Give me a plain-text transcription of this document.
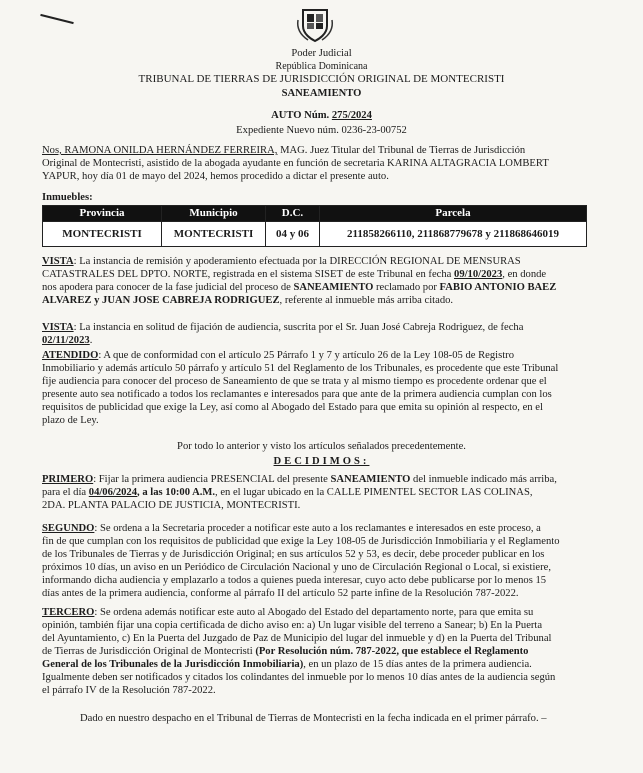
Poder Judicial
República Dominicana
TRIBUNAL DE TIERRAS DE JURISDICCIÓN ORIGINAL DE MONTECRISTI
SANEAMIENTO
AUTO Núm. 275/2024
Expediente Nuevo núm. 0236-23-00752
Nos, RAMONA ONILDA HERNÁNDEZ FERREIRA, MAG. Juez Titular del Tribunal de Tierras de Jurisdicción
Original de Montecristi, asistido de la abogada ayudante en función de secretaria KARINA ALTAGRACIA LOMBERT
YAPUR, hoy día 01 de mayo del 2024, hemos procedido a dictar el presente auto.
Inmuebles:
Provincia	Municipio	D.C.	Parcela
MONTECRISTI	MONTECRISTI	04 y 06	211858266110, 211868779678 y 211868646019
VISTA: La instancia de remisión y apoderamiento efectuada por la DIRECCIÓN REGIONAL DE MENSURAS
CATASTRALES DEL DPTO. NORTE, registrada en el sistema SISET de este Tribunal en fecha 09/10/2023, en donde
nos apodera para conocer de la fase judicial del proceso de SANEAMIENTO reclamado por FABIO ANTONIO BAEZ
ALVAREZ y JUAN JOSE CABREJA RODRIGUEZ, referente al inmueble más arriba citado.
VISTA: La instancia en solitud de fijación de audiencia, suscrita por el Sr. Juan José Cabreja Rodriguez, de fecha
02/11/2023.
ATENDIDO: A que de conformidad con el artículo 25 Párrafo 1 y 7 y artículo 26 de la Ley 108-05 de Registro
Inmobiliario y además artículo 50 párrafo y artículo 51 del Reglamento de los Tribunales, es procedente que este Tribunal
fije audiencia para conocer del proceso de Saneamiento de que se trata y al mismo tiempo es procedente ordenar que el
presente auto sea notificado a todos los reclamantes e interesados para que ante de la primera audiencia cumplan con los
requisitos de publicidad que exige la Ley, así como al Abogado del Estado para que emita su opinión al respecto, en el
plazo de Ley.
Por todo lo anterior y visto los artículos señalados precedentemente.
DECIDIMOS:
PRIMERO: Fijar la primera audiencia PRESENCIAL del presente SANEAMIENTO del inmueble indicado más arriba,
para el día 04/06/2024, a las 10:00 A.M., en el lugar ubicado en la CALLE PIMENTEL SECTOR LAS COLINAS,
2DA. PLANTA PALACIO DE JUSTICIA, MONTECRISTI.
SEGUNDO: Se ordena a la Secretaria proceder a notificar este auto a los reclamantes e interesados en este proceso, a
fin de que cumplan con los requisitos de publicidad que exige la Ley 108-05 de Jurisdicción Inmobiliaria y el Reglamento
de los Tribunales de Tierras y de Jurisdicción Original; en sus artículos 52 y 53, es decir, debe proceder publicar en los
próximos 10 días, un aviso en un Periódico de Circulación Nacional y uno de Circulación Regional o Local, si existiere,
informando dicha audiencia y emplazarlo a todos a quienes pueda interesar, cuyo acto debe publicarse por lo menos 15
días antes de la primera audiencia, conforme al párrafo II del artículo 52 parte infine de la Resolución 787-2022.
TERCERO: Se ordena además notificar este auto al Abogado del Estado del departamento norte, para que emita su
opinión, también fijar una copia certificada de dicho aviso en: a) Un lugar visible del terreno a Sanear; b) En la Puerta
del Ayuntamiento, c) En la Puerta del Juzgado de Paz de Municipio del lugar del inmueble y d) en la Puerta del Tribunal
de Tierras de Jurisdicción Original de Montecristi (Por Resolución núm. 787-2022, que establece el Reglamento
General de los Tribunales de la Jurisdicción Inmobiliaria), en un plazo de 15 días antes de la primera audiencia.
Igualmente deben ser notificados y citados los colindantes del inmueble por lo menos 10 días antes de la audiencia según
el párrafo IV de la Resolución 787-2022.
Dado en nuestro despacho en el Tribunal de Tierras de Montecristi en la fecha indicada en el primer párrafo. –
